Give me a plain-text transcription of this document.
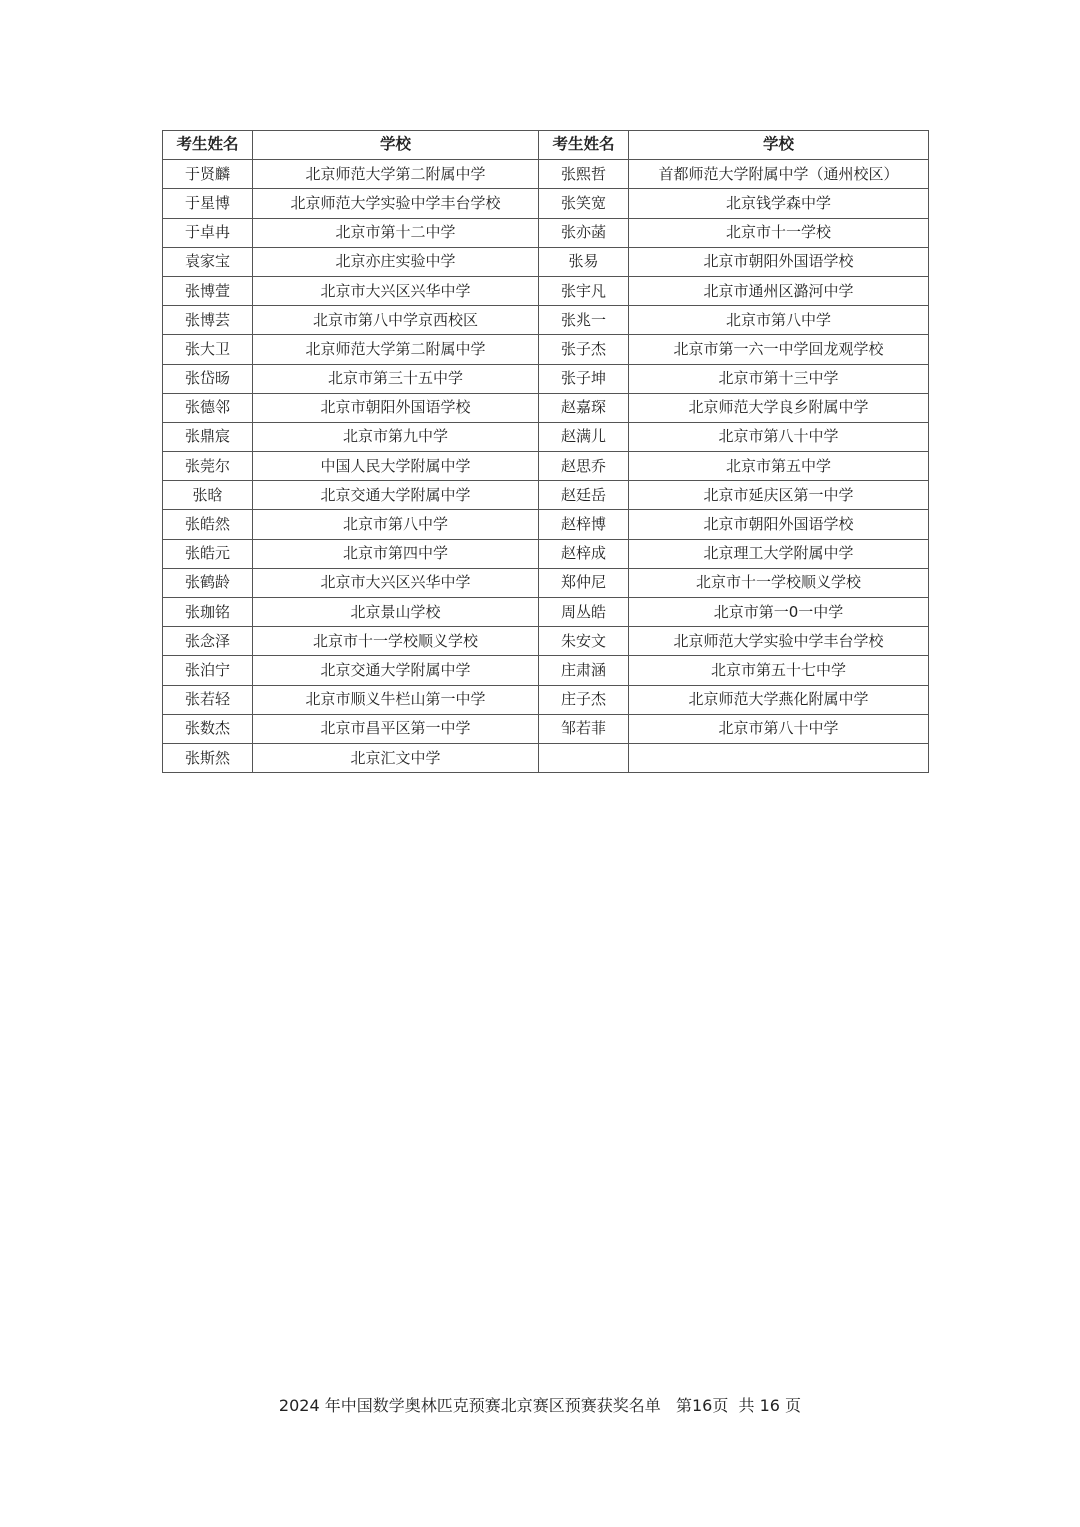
考生姓名	学校	考生姓名	学校
于贤麟	北京师范大学第二附属中学	张熙哲	首都师范大学附属中学（通州校区）
于星博	北京师范大学实验中学丰台学校	张笑宽	北京钱学森中学
于卓冉	北京市第十二中学	张亦菡	北京市十一学校
袁家宝	北京亦庄实验中学	张易	北京市朝阳外国语学校
张博萱	北京市大兴区兴华中学	张宇凡	北京市通州区潞河中学
张博芸	北京市第八中学京西校区	张兆一	北京市第八中学
张大卫	北京师范大学第二附属中学	张子杰	北京市第一六一中学回龙观学校
张岱旸	北京市第三十五中学	张子坤	北京市第十三中学
张德邻	北京市朝阳外国语学校	赵嘉琛	北京师范大学良乡附属中学
张鼎宸	北京市第九中学	赵满儿	北京市第八十中学
张莞尔	中国人民大学附属中学	赵思乔	北京市第五中学
张晗	北京交通大学附属中学	赵廷岳	北京市延庆区第一中学
张皓然	北京市第八中学	赵梓博	北京市朝阳外国语学校
张皓元	北京市第四中学	赵梓成	北京理工大学附属中学
张鹤龄	北京市大兴区兴华中学	郑仲尼	北京市十一学校顺义学校
张珈铭	北京景山学校	周丛皓	北京市第一0一中学
张念泽	北京市十一学校顺义学校	朱安文	北京师范大学实验中学丰台学校
张泊宁	北京交通大学附属中学	庄肃涵	北京市第五十七中学
张若轻	北京市顺义牛栏山第一中学	庄子杰	北京师范大学燕化附属中学
张数杰	北京市昌平区第一中学	邹若菲	北京市第八十中学
张斯然	北京汇文中学		
2024 年中国数学奥林匹克预赛北京赛区预赛获奖名单   第16页  共 16 页
